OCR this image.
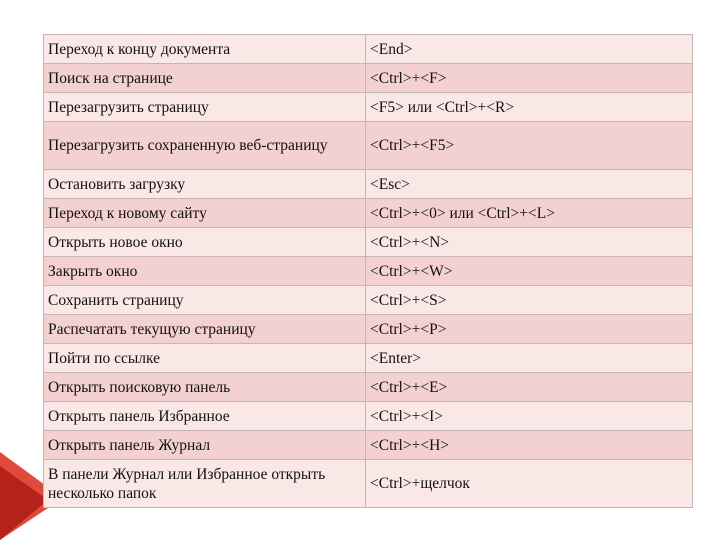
Переход к концу документа	<End>
Поиск на странице	<Ctrl>+<F>
Перезагрузить страницу	<F5> или <Ctrl>+<R>
Перезагрузить сохраненную веб-страницу	<Ctrl>+<F5>
Остановить загрузку	<Esc>
Переход к новому сайту	<Ctrl>+<0> или <Ctrl>+<L>
Открыть новое окно	<Ctrl>+<N>
Закрыть окно	<Ctrl>+<W>
Сохранить страницу	<Ctrl>+<S>
Распечатать текущую страницу	<Ctrl>+<P>
Пойти по ссылке	<Enter>
Открыть поисковую панель	<Ctrl>+<E>
Открыть панель Избранное	<Ctrl>+<I>
Открыть панель Журнал	<Ctrl>+<H>
В панели Журнал или Избранное открыть несколько папок	<Ctrl>+щелчок
